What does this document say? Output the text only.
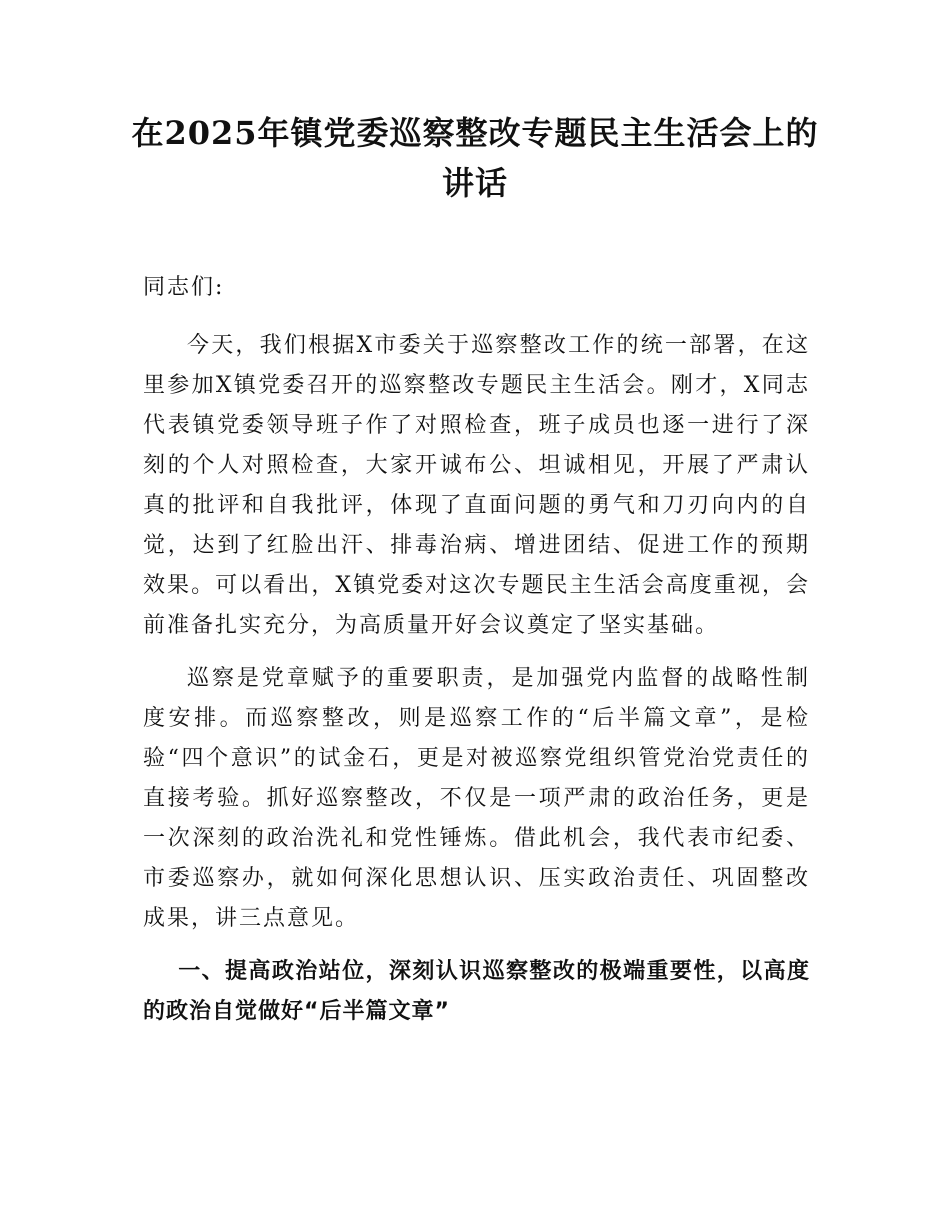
在2025年镇党委巡察整改专题民主生活会上的讲话

同志们:

今天，我们根据X市委关于巡察整改工作的统一部署，在这里参加X镇党委召开的巡察整改专题民主生活会。刚才，X同志代表镇党委领导班子作了对照检查，班子成员也逐一进行了深刻的个人对照检查，大家开诚布公、坦诚相见，开展了严肃认真的批评和自我批评，体现了直面问题的勇气和刀刃向内的自觉，达到了红脸出汗、排毒治病、增进团结、促进工作的预期效果。可以看出，X镇党委对这次专题民主生活会高度重视，会前准备扎实充分，为高质量开好会议奠定了坚实基础。

巡察是党章赋予的重要职责，是加强党内监督的战略性制度安排。而巡察整改，则是巡察工作的“后半篇文章”，是检验“四个意识”的试金石，更是对被巡察党组织管党治党责任的直接考验。抓好巡察整改，不仅是一项严肃的政治任务，更是一次深刻的政治洗礼和党性锤炼。借此机会，我代表市纪委、市委巡察办，就如何深化思想认识、压实政治责任、巩固整改成果，讲三点意见。

一、提高政治站位，深刻认识巡察整改的极端重要性，以高度的政治自觉做好“后半篇文章”
